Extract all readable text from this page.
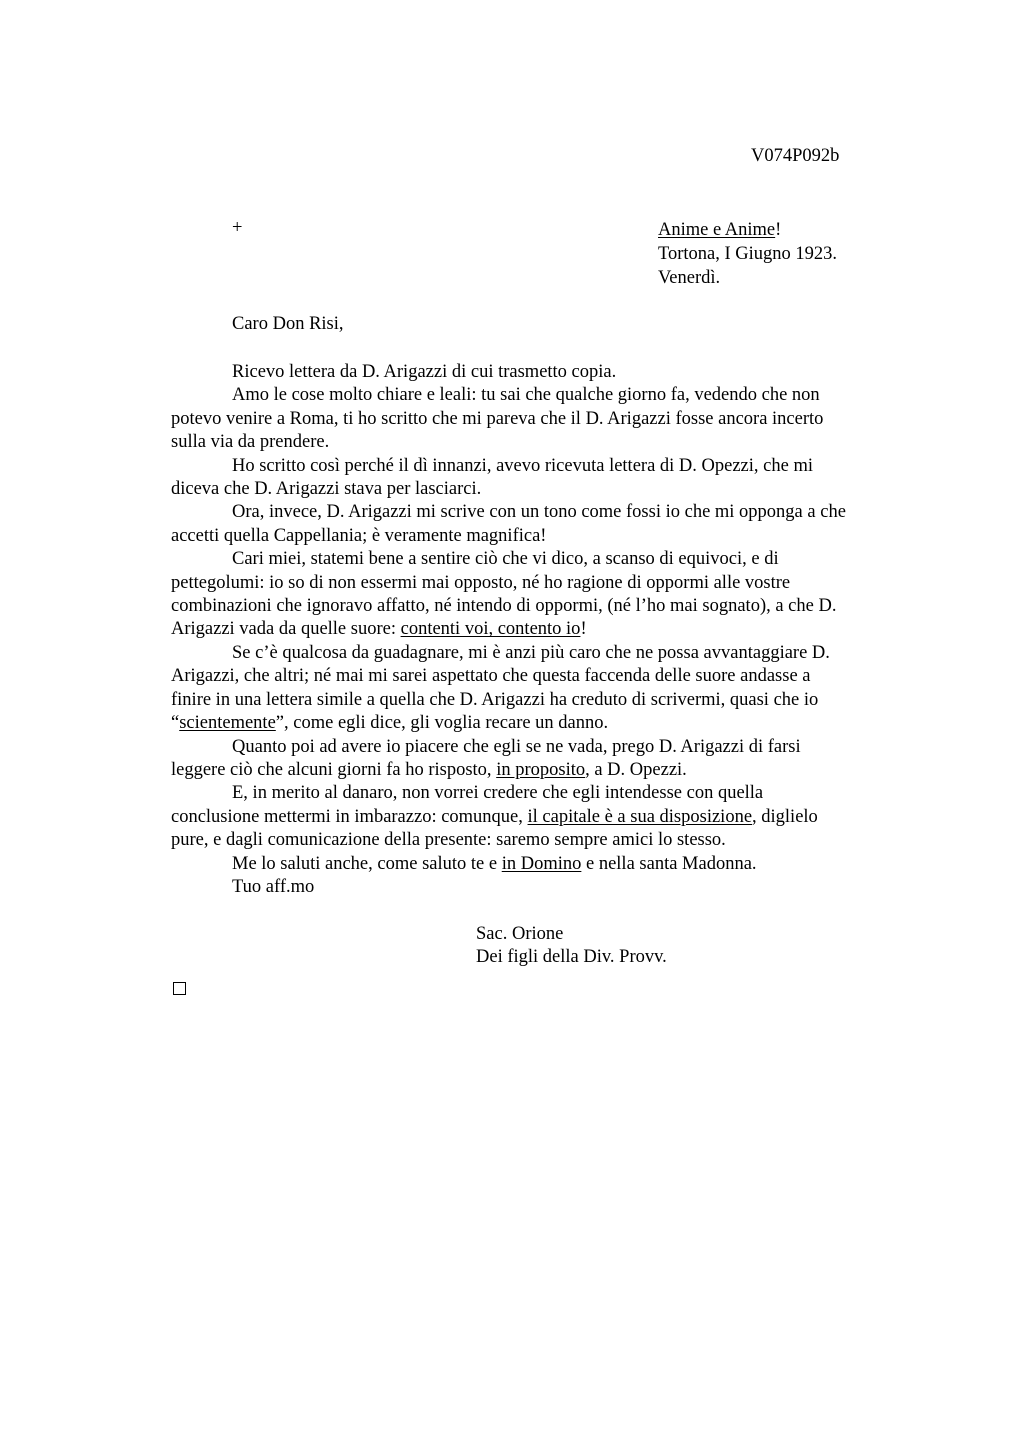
V074P092b
+	Anime e Anime!
Tortona, I Giugno 1923.
Venerdì.
Caro Don Risi,
Ricevo lettera da D. Arigazzi di cui trasmetto copia.
Amo le cose molto chiare e leali: tu sai che qualche giorno fa, vedendo che non
potevo venire a Roma, ti ho scritto che mi pareva che il D. Arigazzi fosse ancora incerto
sulla via da prendere.
Ho scritto così perché il dì innanzi, avevo ricevuta lettera di D. Opezzi, che mi
diceva che D. Arigazzi stava per lasciarci.
Ora, invece, D. Arigazzi mi scrive con un tono come fossi io che mi opponga a che
accetti quella Cappellania; è veramente magnifica!
Cari miei, statemi bene a sentire ciò che vi dico, a scanso di equivoci, e di
pettegolumi: io so di non essermi mai opposto, né ho ragione di oppormi alle vostre
combinazioni che ignoravo affatto, né intendo di oppormi, (né l’ho mai sognato), a che D.
Arigazzi vada da quelle suore: contenti voi, contento io!
Se c’è qualcosa da guadagnare, mi è anzi più caro che ne possa avvantaggiare D.
Arigazzi, che altri; né mai mi sarei aspettato che questa faccenda delle suore andasse a
finire in una lettera simile a quella che D. Arigazzi ha creduto di scrivermi, quasi che io
“scientemente”, come egli dice, gli voglia recare un danno.
Quanto poi ad avere io piacere che egli se ne vada, prego D. Arigazzi di farsi
leggere ciò che alcuni giorni fa ho risposto, in proposito, a D. Opezzi.
E, in merito al danaro, non vorrei credere che egli intendesse con quella
conclusione mettermi in imbarazzo: comunque, il capitale è a sua disposizione, diglielo
pure, e dagli comunicazione della presente: saremo sempre amici lo stesso.
Me lo saluti anche, come saluto te e in Domino e nella santa Madonna.
Tuo aff.mo
Sac. Orione
Dei figli della Div. Provv.
